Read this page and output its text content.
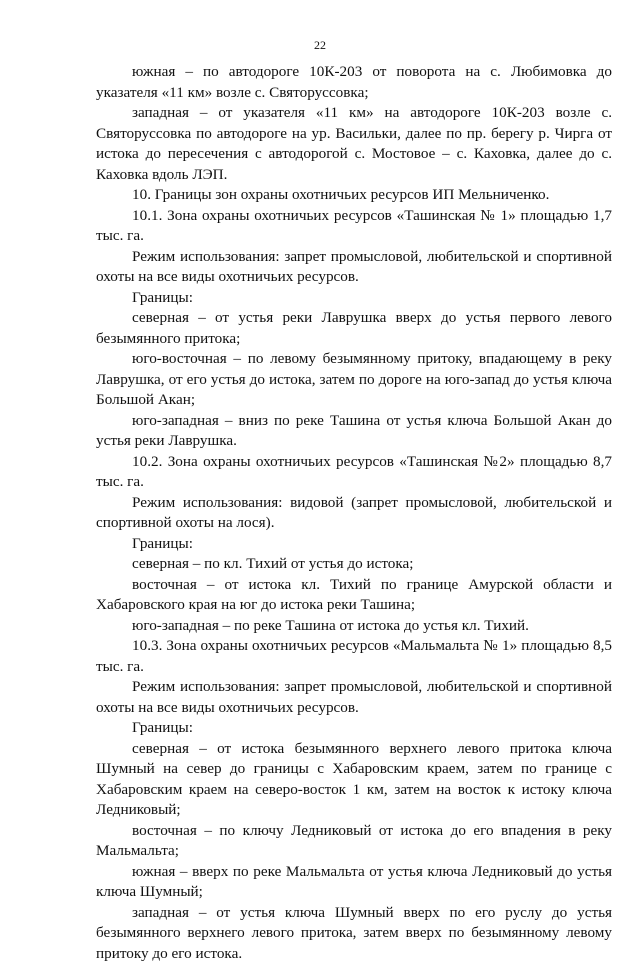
22

южная – по автодороге 10К-203 от поворота на с. Любимовка до указателя «11 км» возле с. Святоруссовка;

западная – от указателя «11 км» на автодороге 10К-203 возле с. Святоруссовка по автодороге на ур. Васильки, далее по пр. берегу р. Чирга от истока до пересечения с автодорогой с. Мостовое – с. Каховка, далее до с. Каховка вдоль ЛЭП.

10. Границы зон охраны охотничьих ресурсов ИП Мельниченко.

10.1. Зона охраны охотничьих ресурсов «Ташинская № 1» площадью 1,7 тыс. га.

Режим использования: запрет промысловой, любительской и спортивной охоты на все виды охотничьих ресурсов.

Границы:

северная – от устья реки Лаврушка вверх до устья первого левого безымянного притока;

юго-восточная – по левому безымянному притоку, впадающему в реку Лаврушка, от его устья до истока, затем по дороге на юго-запад до устья ключа Большой Акан;

юго-западная – вниз по реке Ташина от устья ключа Большой Акан до устья реки Лаврушка.

10.2. Зона охраны охотничьих ресурсов «Ташинская №2» площадью 8,7 тыс. га.

Режим использования: видовой (запрет промысловой, любительской и спортивной охоты на лося).

Границы:

северная – по кл. Тихий от устья до истока;

восточная – от истока кл. Тихий по границе Амурской области и Хабаровского края на юг до истока реки Ташина;

юго-западная – по реке Ташина от истока до устья кл. Тихий.

10.3. Зона охраны охотничьих ресурсов «Мальмальта № 1» площадью 8,5 тыс. га.

Режим использования: запрет промысловой, любительской и спортивной охоты на все виды охотничьих ресурсов.

Границы:

северная – от истока безымянного верхнего левого притока ключа Шумный на север до границы с Хабаровским краем, затем по границе с Хабаровским краем на северо-восток 1 км, затем на восток к истоку ключа Ледниковый;

восточная – по ключу Ледниковый от истока до его впадения в реку Мальмальта;

южная – вверх по реке Мальмальта от устья ключа Ледниковый до устья ключа Шумный;

западная – от устья ключа Шумный вверх по его руслу до устья безымянного верхнего левого притока, затем вверх по безымянному левому притоку до его истока.
